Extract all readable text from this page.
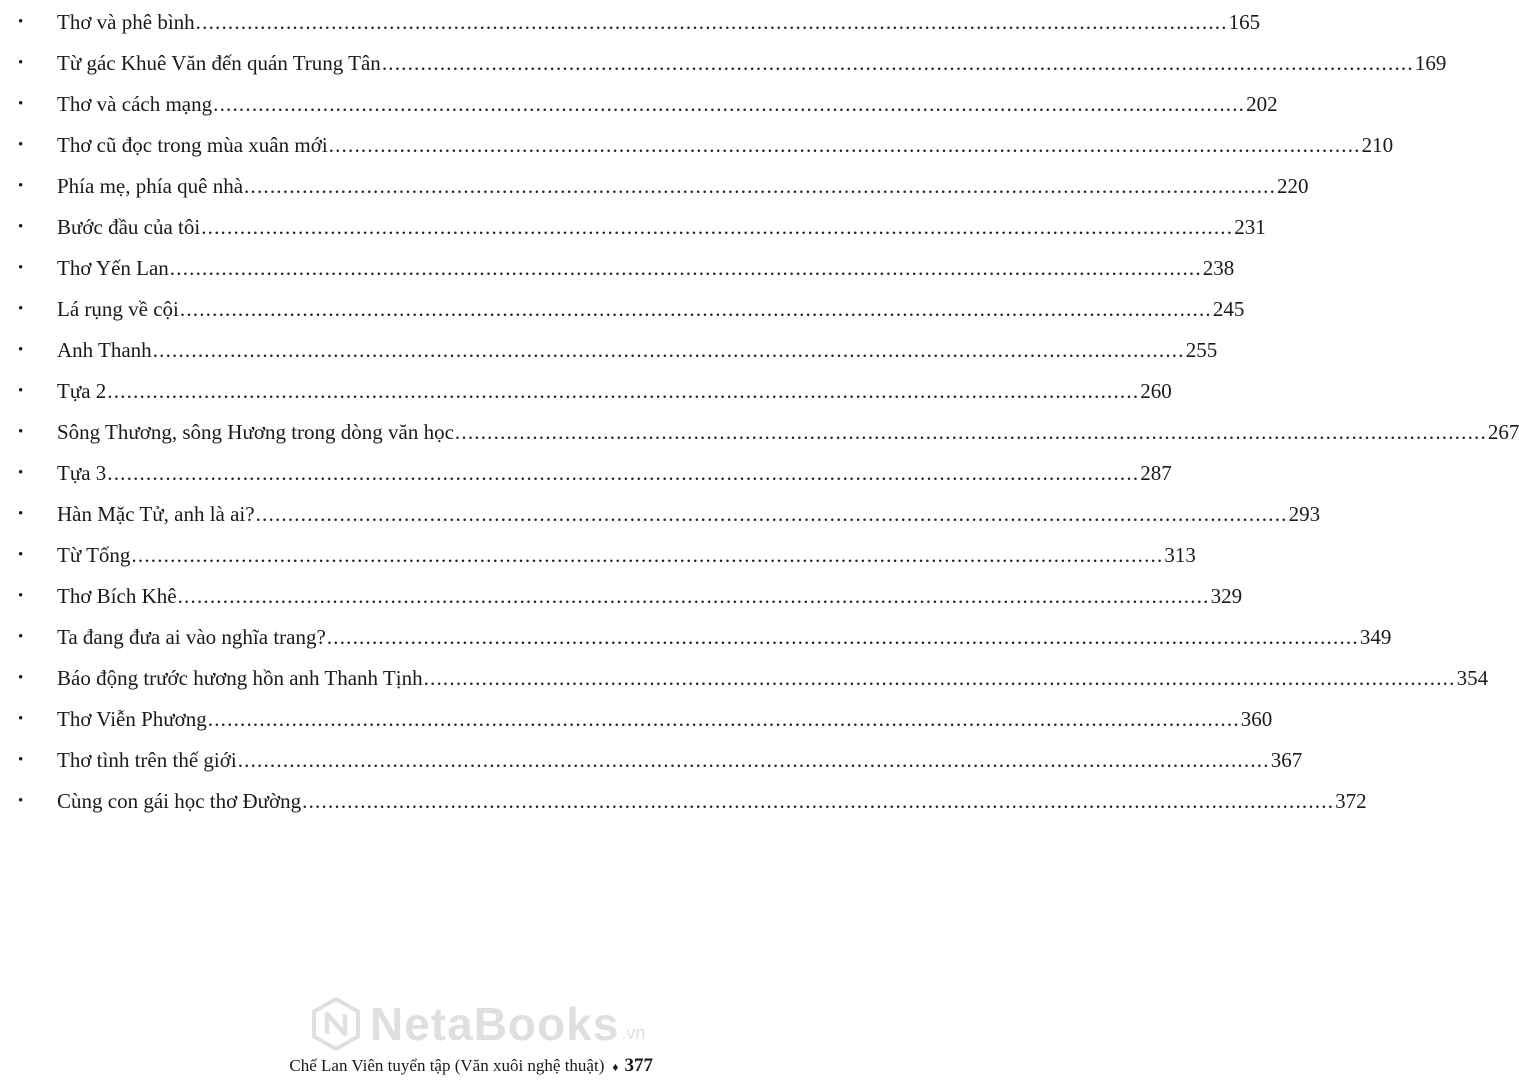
• Thơ và phê bình ................................................................................................................................................................ 165
• Từ gác Khuê Văn đến quán Trung Tân ................................................................................................................................................................ 169
• Thơ và cách mạng ................................................................................................................................................................ 202
• Thơ cũ đọc trong mùa xuân mới ................................................................................................................................................................ 210
• Phía mẹ, phía quê nhà ................................................................................................................................................................ 220
• Bước đầu của tôi ................................................................................................................................................................ 231
• Thơ Yến Lan ................................................................................................................................................................ 238
• Lá rụng về cội ................................................................................................................................................................ 245
• Anh Thanh ................................................................................................................................................................ 255
• Tựa 2 ................................................................................................................................................................ 260
• Sông Thương, sông Hương trong dòng văn học ................................................................................................................................................................ 267
• Tựa 3 ................................................................................................................................................................ 287
• Hàn Mặc Tử, anh là ai? ................................................................................................................................................................ 293
• Từ Tống ................................................................................................................................................................ 313
• Thơ Bích Khê ................................................................................................................................................................ 329
• Ta đang đưa ai vào nghĩa trang? ................................................................................................................................................................ 349
• Báo động trước hương hồn anh Thanh Tịnh ................................................................................................................................................................ 354
• Thơ Viễn Phương ................................................................................................................................................................ 360
• Thơ tình trên thế giới ................................................................................................................................................................ 367
• Cùng con gái học thơ Đường ................................................................................................................................................................ 372
NetaBooks .vn
Chế Lan Viên tuyển tập (Văn xuôi nghệ thuật) ♦ 377
